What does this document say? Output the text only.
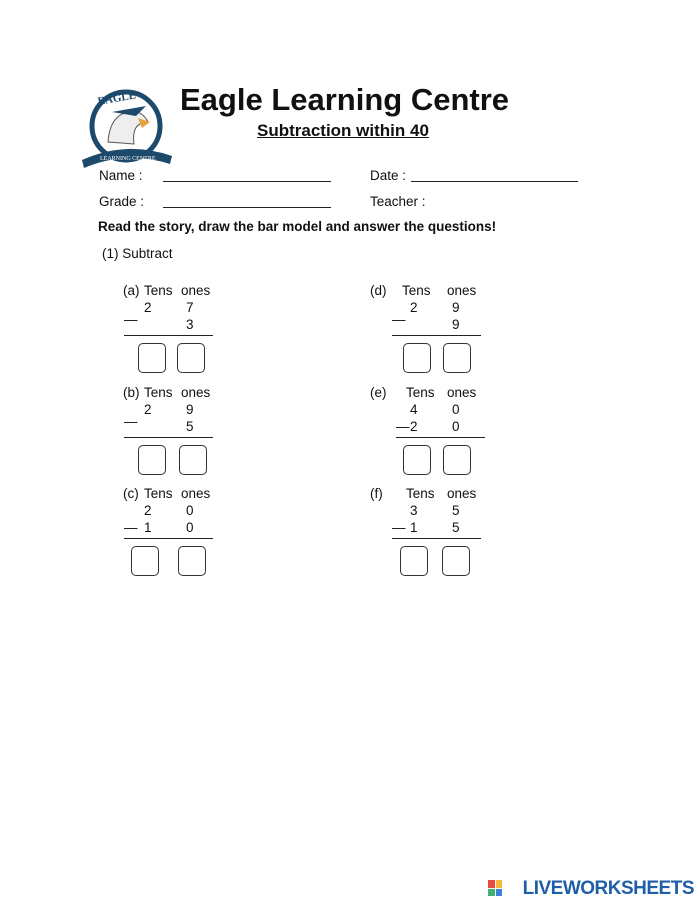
EAGLE
LEARNING CENTRE
Eagle Learning Centre
Subtraction within 40
Name :	Date :
Grade :	Teacher :
Read the story, draw the bar model and answer the questions!
(1) Subtract
(a) Tens ones
2	7
—	3
(b) Tens ones
2	9
—	5
(c) Tens ones
2	0
— 1	0
(d) Tens ones
2	9
—	9
(e) Tens ones
4	0
— 2	0
(f) Tens ones
3	5
— 1	5
LIVEWORKSHEETS
